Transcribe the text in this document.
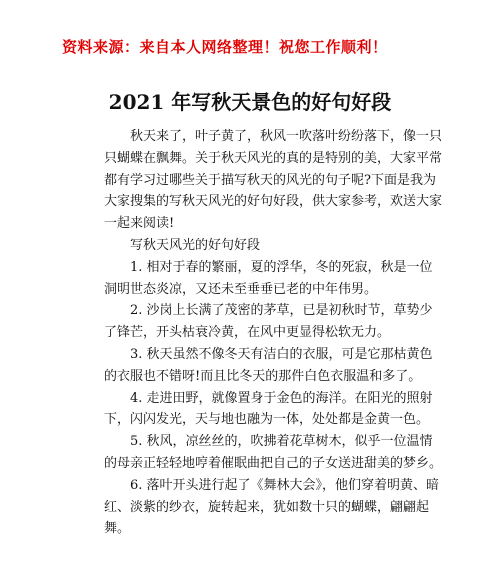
资料来源：来自本人网络整理！祝您工作顺利！
2021 年写秋天景色的好句好段

秋天来了，叶子黄了，秋风一吹落叶纷纷落下，像一只只蝴蝶在飘舞。关于秋天风光的真的是特别的美，大家平常都有学习过哪些关于描写秋天的风光的句子呢?下面是我为大家搜集的写秋天风光的好句好段，供大家参考，欢送大家一起来阅读!

写秋天风光的好句好段

1. 相对于春的繁丽，夏的浮华，冬的死寂，秋是一位洞明世态炎凉，又还未至垂垂已老的中年伟男。

2. 沙岗上长满了茂密的茅草，已是初秋时节，草势少了锋芒，开头枯衰冷黄，在风中更显得松软无力。

3. 秋天虽然不像冬天有洁白的衣服，可是它那枯黄色的衣服也不错呀!而且比冬天的那件白色衣服温和多了。

4. 走进田野，就像置身于金色的海洋。在阳光的照射下，闪闪发光，天与地也融为一体，处处都是金黄一色。

5. 秋风，凉丝丝的，吹拂着花草树木，似乎一位温情的母亲正轻轻地哼着催眠曲把自己的子女送进甜美的梦乡。

6. 落叶开头进行起了《舞林大会》，他们穿着明黄、暗红、淡紫的纱衣，旋转起来，犹如数十只的蝴蝶，翩翩起舞。
